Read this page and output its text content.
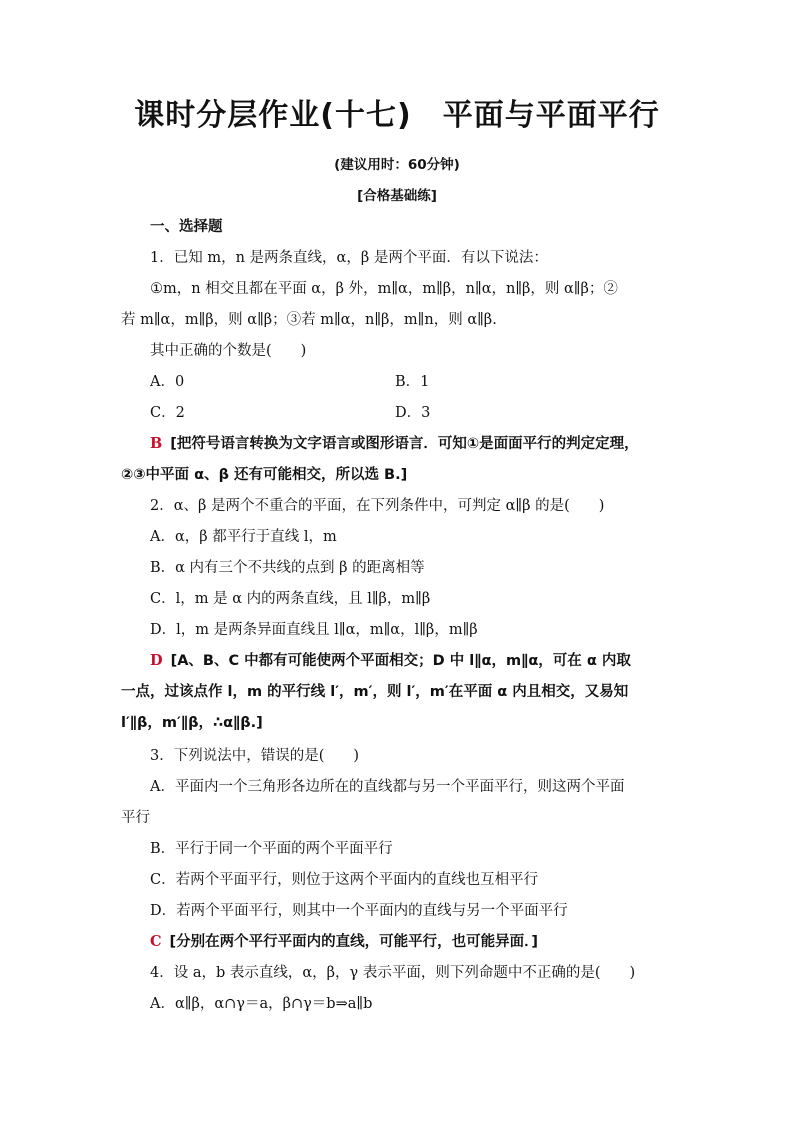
课时分层作业(十七)　平面与平面平行
(建议用时：60分钟)
[合格基础练]
一、选择题
1．已知 m，n 是两条直线，α，β 是两个平面．有以下说法：
①m，n 相交且都在平面 α，β 外，m∥α，m∥β，n∥α，n∥β，则 α∥β；②
若 m∥α，m∥β，则 α∥β；③若 m∥α，n∥β，m∥n，则 α∥β.
其中正确的个数是(　　)
A．0	B．1
C．2	D．3
B [把符号语言转换为文字语言或图形语言．可知①是面面平行的判定定理，
②③中平面 α、β 还有可能相交，所以选 B.]
2．α、β 是两个不重合的平面，在下列条件中，可判定 α∥β 的是(　　)
A．α，β 都平行于直线 l，m
B．α 内有三个不共线的点到 β 的距离相等
C．l，m 是 α 内的两条直线，且 l∥β，m∥β
D．l，m 是两条异面直线且 l∥α，m∥α，l∥β，m∥β
D [A、B、C 中都有可能使两个平面相交；D 中 l∥α，m∥α，可在 α 内取
一点，过该点作 l，m 的平行线 l′，m′，则 l′，m′在平面 α 内且相交，又易知
l′∥β，m′∥β，∴α∥β.]
3．下列说法中，错误的是(　　)
A．平面内一个三角形各边所在的直线都与另一个平面平行，则这两个平面
平行
B．平行于同一个平面的两个平面平行
C．若两个平面平行，则位于这两个平面内的直线也互相平行
D．若两个平面平行，则其中一个平面内的直线与另一个平面平行
C [分别在两个平行平面内的直线，可能平行，也可能异面．]
4．设 a，b 表示直线，α，β，γ 表示平面，则下列命题中不正确的是(　　)
A．α∥β，α∩γ＝a，β∩γ＝b⇒a∥b
